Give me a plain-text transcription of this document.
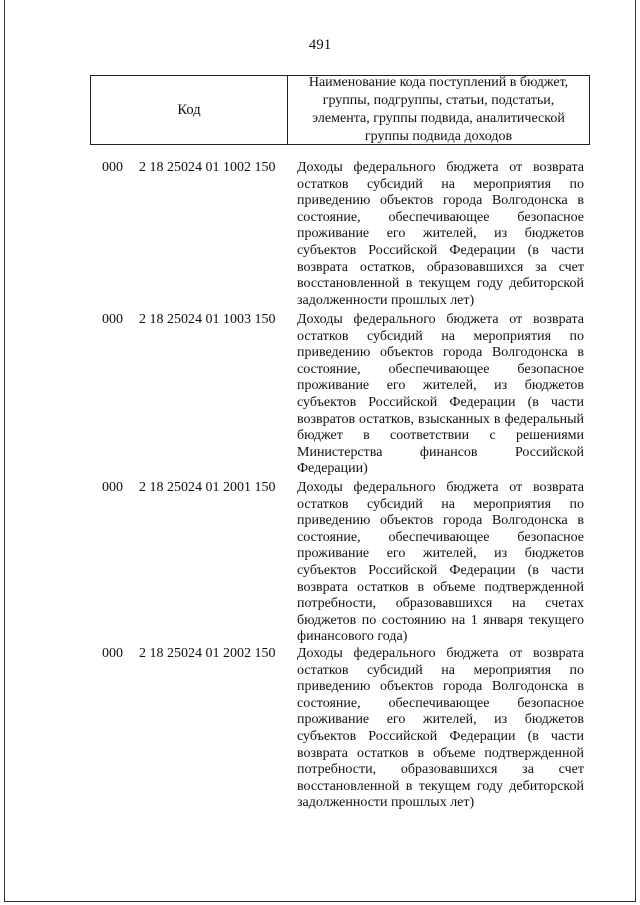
491
Код
Наименование кода поступлений в бюджет, группы, подгруппы, статьи, подстатьи, элемента, группы подвида, аналитической группы подвида доходов
000 2 18 25024 01 1002 150 Доходы федерального бюджета от возврата остатков субсидий на мероприятия по приведению объектов города Волгодонска в состояние, обеспечивающее безопасное проживание его жителей, из бюджетов субъектов Российской Федерации (в части возврата остатков, образовавшихся за счет восстановленной в текущем году дебиторской задолженности прошлых лет)
000 2 18 25024 01 1003 150 Доходы федерального бюджета от возврата остатков субсидий на мероприятия по приведению объектов города Волгодонска в состояние, обеспечивающее безопасное проживание его жителей, из бюджетов субъектов Российской Федерации (в части возвратов остатков, взысканных в федеральный бюджет в соответствии с решениями Министерства финансов Российской Федерации)
000 2 18 25024 01 2001 150 Доходы федерального бюджета от возврата остатков субсидий на мероприятия по приведению объектов города Волгодонска в состояние, обеспечивающее безопасное проживание его жителей, из бюджетов субъектов Российской Федерации (в части возврата остатков в объеме подтвержденной потребности, образовавшихся на счетах бюджетов по состоянию на 1 января текущего финансового года)
000 2 18 25024 01 2002 150 Доходы федерального бюджета от возврата остатков субсидий на мероприятия по приведению объектов города Волгодонска в состояние, обеспечивающее безопасное проживание его жителей, из бюджетов субъектов Российской Федерации (в части возврата остатков в объеме подтвержденной потребности, образовавшихся за счет восстановленной в текущем году дебиторской задолженности прошлых лет)
